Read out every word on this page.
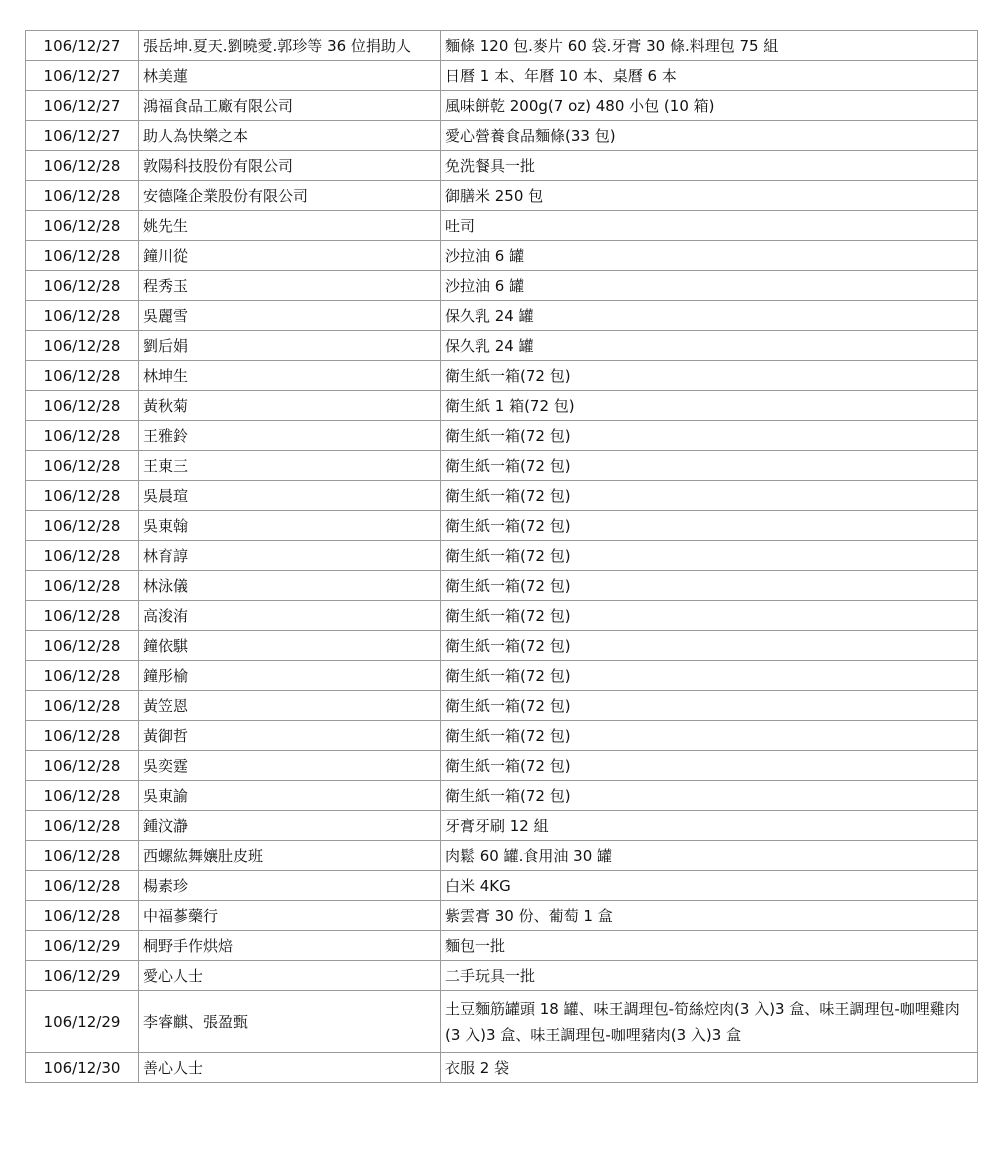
106/12/27	張岳坤.夏天.劉曉愛.郭珍等 36 位捐助人	麵條 120 包.麥片 60 袋.牙膏 30 條.料理包 75 組
106/12/27	林美蓮	日曆 1 本、年曆 10 本、桌曆 6 本
106/12/27	鴻福食品工廠有限公司	風味餅乾 200g(7 oz) 480 小包 (10 箱)
106/12/27	助人為快樂之本	愛心營養食品麵條(33 包)
106/12/28	敦陽科技股份有限公司	免洗餐具一批
106/12/28	安德隆企業股份有限公司	御膳米 250 包
106/12/28	姚先生	吐司
106/12/28	鐘川從	沙拉油 6 罐
106/12/28	程秀玉	沙拉油 6 罐
106/12/28	吳麗雪	保久乳 24 罐
106/12/28	劉后娟	保久乳 24 罐
106/12/28	林坤生	衛生紙一箱(72 包)
106/12/28	黃秋菊	衛生紙 1 箱(72 包)
106/12/28	王雅鈴	衛生紙一箱(72 包)
106/12/28	王東三	衛生紙一箱(72 包)
106/12/28	吳晨瑄	衛生紙一箱(72 包)
106/12/28	吳東翰	衛生紙一箱(72 包)
106/12/28	林育諄	衛生紙一箱(72 包)
106/12/28	林泳儀	衛生紙一箱(72 包)
106/12/28	高浚洧	衛生紙一箱(72 包)
106/12/28	鐘依騏	衛生紙一箱(72 包)
106/12/28	鐘彤榆	衛生紙一箱(72 包)
106/12/28	黃笠恩	衛生紙一箱(72 包)
106/12/28	黃御哲	衛生紙一箱(72 包)
106/12/28	吳奕霆	衛生紙一箱(72 包)
106/12/28	吳東諭	衛生紙一箱(72 包)
106/12/28	鍾汶瀞	牙膏牙刷 12 組
106/12/28	西螺紘舞孃肚皮班	肉鬆 60 罐.食用油 30 罐
106/12/28	楊素珍	白米 4KG
106/12/28	中福蔘藥行	紫雲膏 30 份、葡萄 1 盒
106/12/29	桐野手作烘焙	麵包一批
106/12/29	愛心人士	二手玩具一批
106/12/29	李睿麒、張盈甄	土豆麵筋罐頭 18 罐、味王調理包-筍絲焢肉(3 入)3 盒、味王調理包-咖哩雞肉(3 入)3 盒、味王調理包-咖哩豬肉(3 入)3 盒
106/12/30	善心人士	衣服 2 袋
